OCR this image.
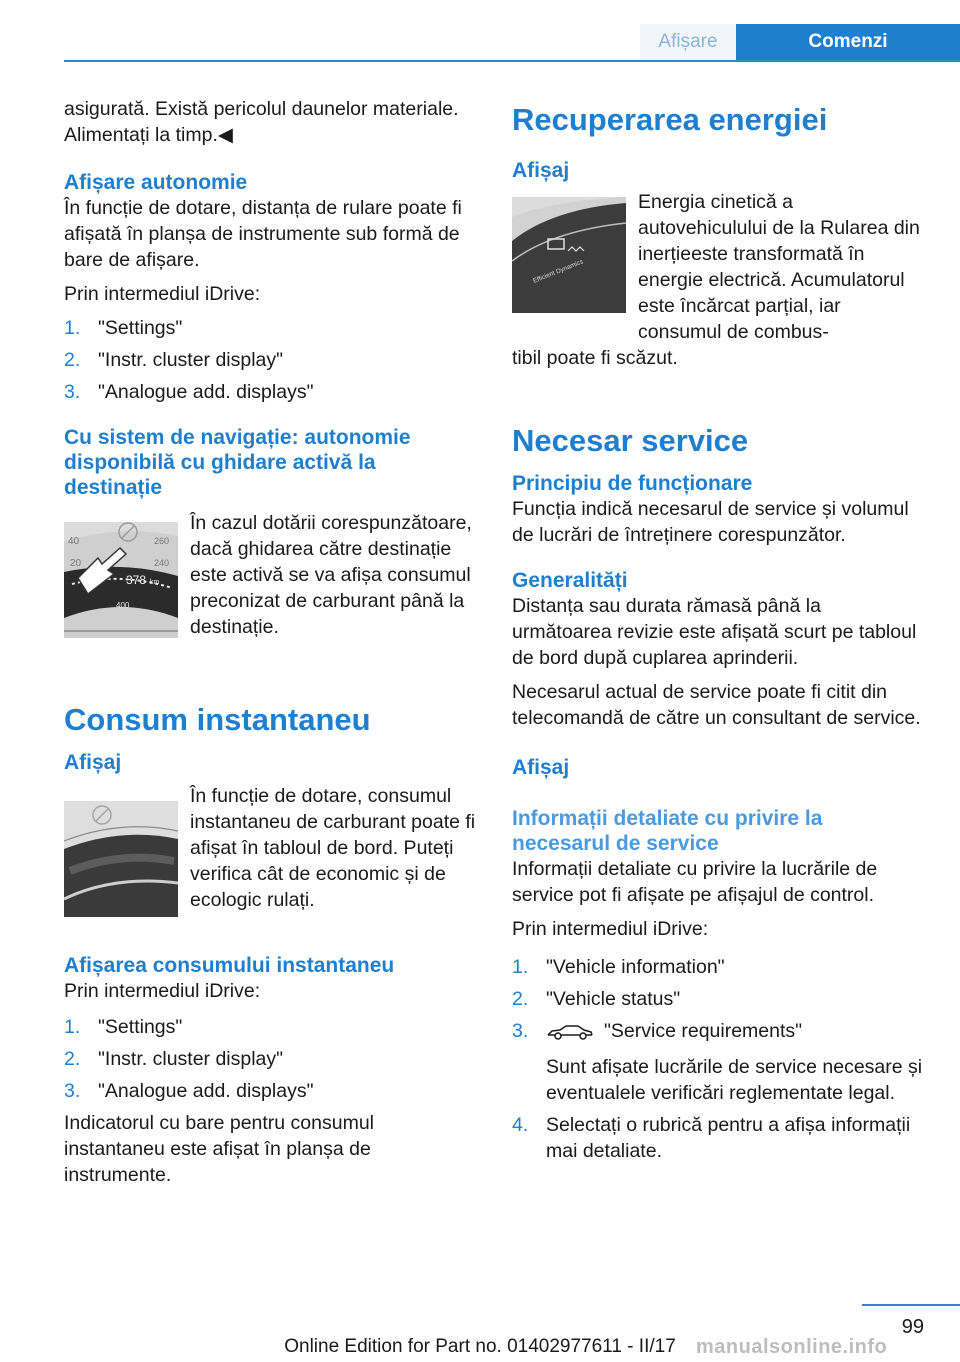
Afișare	Comenzi

asigurată. Există pericolul daunelor materiale. Alimentați la timp.◀

Afișare autonomie

În funcție de dotare, distanța de rulare poate fi afișată în planșa de instrumente sub formă de bare de afișare.

Prin intermediul iDrive:

1. "Settings"
2. "Instr. cluster display"
3. "Analogue add. displays"
Cu sistem de navigație: autonomie disponibilă cu ghidare activă la destinație
40
20
260
240
378 km
400

În cazul dotării corespunzătoare, dacă ghidarea către destinație este activă se va afișa consumul preconizat de carburant până la destinație.

Consum instantaneu
Afișaj

În funcție de dotare, consumul instantaneu de carburant poate fi afișat în tabloul de bord. Puteți verifica cât de economic și de ecologic rulați.

Afișarea consumului instantaneu

Prin intermediul iDrive:

1. "Settings"
2. "Instr. cluster display"
3. "Analogue add. displays"

Indicatorul cu bare pentru consumul instantaneu este afișat în planșa de instrumente.

Recuperarea energiei
Afișaj
Efficient Dynamics

Energia cinetică a autovehiculului de la Rularea din inerțieeste transformată în energie electrică. Acumulatorul este încărcat parțial, iar consumul de combus-

tibil poate fi scăzut.

Necesar service
Principiu de funcționare

Funcția indică necesarul de service și volumul de lucrări de întreținere corespunzător.

Generalități

Distanța sau durata rămasă până la următoarea revizie este afișată scurt pe tabloul de bord după cuplarea aprinderii.

Necesarul actual de service poate fi citit din telecomandă de către un consultant de service.

Afișaj
Informații detaliate cu privire la necesarul de service

Informații detaliate cu privire la lucrările de service pot fi afișate pe afișajul de control.

Prin intermediul iDrive:

1. "Vehicle information"
2. "Vehicle status"
3.	"Service requirements"
Sunt afișate lucrările de service necesare și eventualele verificări reglementate legal.
4. Selectați o rubrică pentru a afișa informații mai detaliate.
99
Online Edition for Part no. 01402977611 - II/17	manualsonline.info
